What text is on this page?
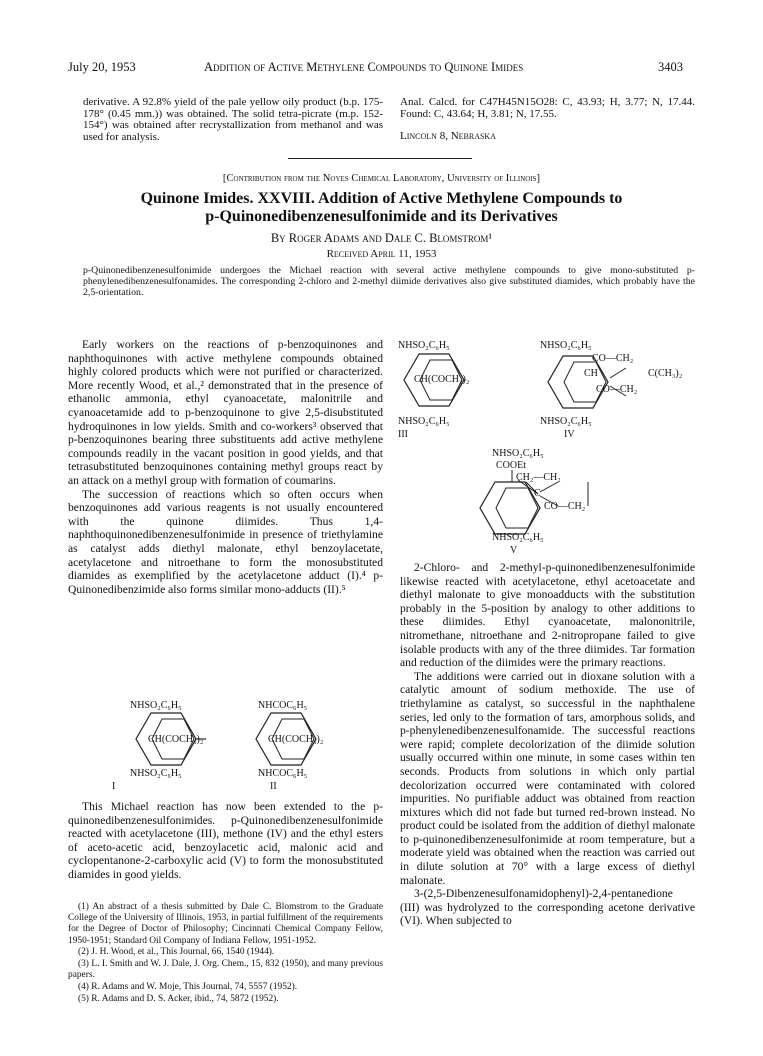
July 20, 1953	Addition of Active Methylene Compounds to Quinone Imides	3403
derivative. A 92.8% yield of the pale yellow oily product (b.p. 175-178° (0.45 mm.)) was obtained. The solid tetra-picrate (m.p. 152-154°) was obtained after recrystallization from methanol and was used for analysis.
Anal. Calcd. for C47H45N15O28: C, 43.93; H, 3.77; N, 17.44. Found: C, 43.64; H, 3.81; N, 17.55.
Lincoln 8, Nebraska
[Contribution from the Noyes Chemical Laboratory, University of Illinois]
Quinone Imides. XXVIII. Addition of Active Methylene Compounds to
p-Quinonedibenzenesulfonimide and its Derivatives
By Roger Adams and Dale C. Blomstrom¹
Received April 11, 1953
p-Quinonedibenzenesulfonimide undergoes the Michael reaction with several active methylene compounds to give mono-substituted p-phenylenedibenzenesulfonamides. The corresponding 2-chloro and 2-methyl diimide derivatives also give substituted diamides, which probably have the 2,5-orientation.

Early workers on the reactions of p-benzoquinones and naphthoquinones with active methylene compounds obtained highly colored products which were not purified or characterized. More recently Wood, et al.,² demonstrated that in the presence of ethanolic ammonia, ethyl cyanoacetate, malonitrile and cyanoacetamide add to p-benzoquinone to give 2,5-disubstituted hydroquinones in low yields. Smith and co-workers³ observed that p-benzoquinones bearing three substituents add active methylene compounds readily in the vacant position in good yields, and that tetrasubstituted benzoquinones containing methyl groups react by an attack on a methyl group with formation of coumarins.

The succession of reactions which so often occurs when benzoquinones add various reagents is not usually encountered with the quinone diimides. Thus 1,4-naphthoquinonedibenzenesulfonimide in presence of triethylamine as catalyst adds diethyl malonate, ethyl benzoylacetate, acetylacetone and nitroethane to form the monosubstituted diamides as exemplified by the acetylacetone adduct (I).⁴ p-Quinonedibenzimide also forms similar mono-adducts (II).⁵

NHSO₂C₆H₅
CH(COCH₃)₂
NHSO₂C₆H₅
I
NHCOC₆H₅
CH(COCH₃)₂
NHCOC₆H₅
II

This Michael reaction has now been extended to the p-quinonedibenzenesulfonimides. p-Quinonedibenzenesulfonimide reacted with acetylacetone (III), methone (IV) and the ethyl esters of aceto-acetic acid, benzoylacetic acid, malonic acid and cyclopentanone-2-carboxylic acid (V) to form the monosubstituted diamides in good yields.

(1) An abstract of a thesis submitted by Dale C. Blomstrom to the Graduate College of the University of Illinois, 1953, in partial fulfillment of the requirements for the Degree of Doctor of Philosophy; Cincinnati Chemical Company Fellow, 1950-1951; Standard Oil Company of Indiana Fellow, 1951-1952.

(2) J. H. Wood, et al., This Journal, 66, 1540 (1944).

(3) L. I. Smith and W. J. Dale, J. Org. Chem., 15, 832 (1950), and many previous papers.

(4) R. Adams and W. Moje, This Journal, 74, 5557 (1952).

(5) R. Adams and D. S. Acker, ibid., 74, 5872 (1952).

NHSO₂C₆H₅
CH(COCH₃)₂
NHSO₂C₆H₅
III
NHSO₂C₆H₅
CO—CH₂
CH	C(CH₃)₂
CO—CH₂
NHSO₂C₆H₅
IV
NHSO₂C₆H₅
COOEt
CH₂—CH₂
C
CO—CH₂
NHSO₂C₆H₅
V

2-Chloro- and 2-methyl-p-quinonedibenzenesulfonimide likewise reacted with acetylacetone, ethyl acetoacetate and diethyl malonate to give monoadducts with the substitution probably in the 5-position by analogy to other additions to these diimides. Ethyl cyanoacetate, malononitrile, nitromethane, nitroethane and 2-nitropropane failed to give isolable products with any of the three diimides. Tar formation and reduction of the diimides were the primary reactions.

The additions were carried out in dioxane solution with a catalytic amount of sodium methoxide. The use of triethylamine as catalyst, so successful in the naphthalene series, led only to the formation of tars, amorphous solids, and p-phenylenedibenzenesulfonamide. The successful reactions were rapid; complete decolorization of the diimide solution usually occurred within one minute, in some cases within ten seconds. Products from solutions in which only partial decolorization occurred were contaminated with colored impurities. No purifiable adduct was obtained from reaction mixtures which did not fade but turned red-brown instead. No product could be isolated from the addition of diethyl malonate to p-quinonedibenzenesulfonimide at room temperature, but a moderate yield was obtained when the reaction was carried out in dilute solution at 70° with a large excess of diethyl malonate.

3-(2,5-Dibenzenesulfonamidophenyl)-2,4-pentanedione (III) was hydrolyzed to the corresponding acetone derivative (VI). When subjected to
